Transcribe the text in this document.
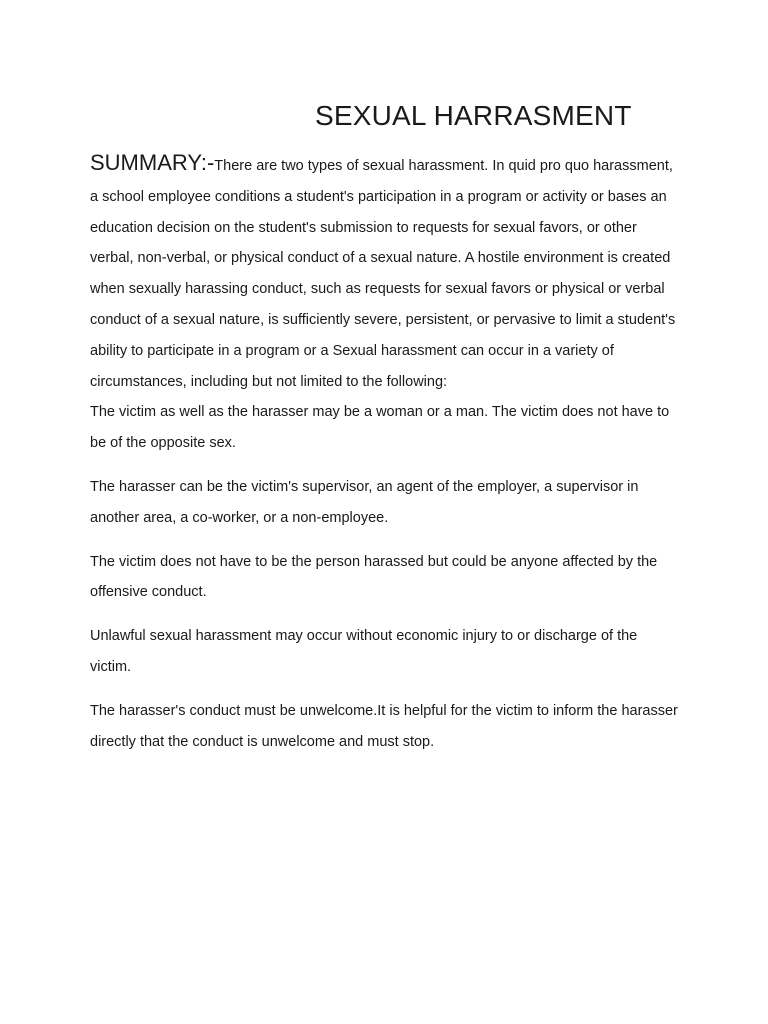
SEXUAL HARRASMENT

SUMMARY:-There are two types of sexual harassment. In quid pro quo harassment, a school employee conditions a student's participation in a program or activity or bases an education decision on the student's submission to requests for sexual favors, or other verbal, non-verbal, or physical conduct of a sexual nature. A hostile environment is created when sexually harassing conduct, such as requests for sexual favors or physical or verbal conduct of a sexual nature, is sufficiently severe, persistent, or pervasive to limit a student's ability to participate in a program or a Sexual harassment can occur in a variety of circumstances, including but not limited to the following:

The victim as well as the harasser may be a woman or a man. The victim does not have to be of the opposite sex.

The harasser can be the victim's supervisor, an agent of the employer, a supervisor in another area, a co-worker, or a non-employee.

The victim does not have to be the person harassed but could be anyone affected by the offensive conduct.

Unlawful sexual harassment may occur without economic injury to or discharge of the victim.

The harasser's conduct must be unwelcome.It is helpful for the victim to inform the harasser directly that the conduct is unwelcome and must stop.
